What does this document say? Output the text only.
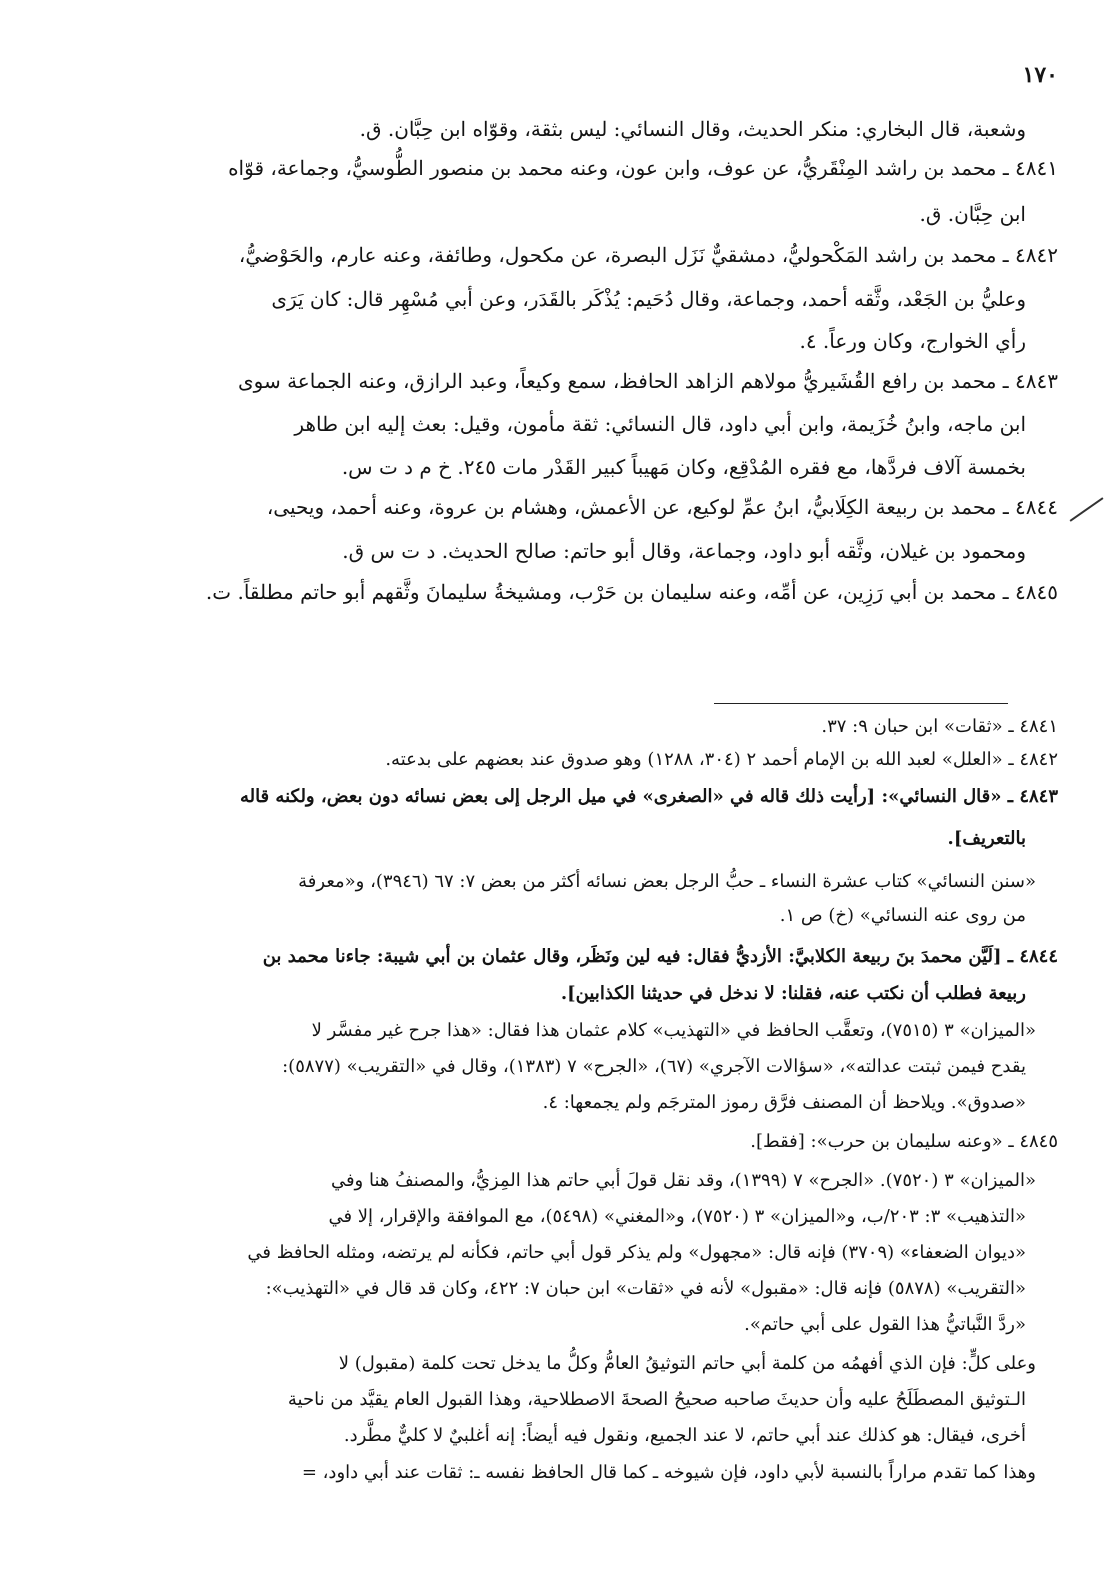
١٧٠
وشعبة، قال البخاري: منكر الحديث، وقال النسائي: ليس بثقة، وقوّاه ابن حِبَّان. ق.
٤٨٤١ ـ محمد بن راشد المِنْقَريُّ، عن عوف، وابن عون، وعنه محمد بن منصور الطُّوسيُّ، وجماعة، قوّاه
ابن حِبَّان. ق.
٤٨٤٢ ـ محمد بن راشد المَكْحوليُّ، دمشقيٌّ نَزَل البصرة، عن مكحول، وطائفة، وعنه عارم، والحَوْضيُّ،
وعليُّ بن الجَعْد، وثَّقه أحمد، وجماعة، وقال دُحَيم: يُذْكَر بالقَدَر، وعن أبي مُسْهِر قال: كان يَرَى
رأي الخوارج، وكان ورعاً. ٤.
٤٨٤٣ ـ محمد بن رافع القُشَيريُّ مولاهم الزاهد الحافظ، سمع وكيعاً، وعبد الرازق، وعنه الجماعة سوى
ابن ماجه، وابنُ خُزَيمة، وابن أبي داود، قال النسائي: ثقة مأمون، وقيل: بعث إليه ابن طاهر
بخمسة آلاف فردَّها، مع فقره المُدْقِع، وكان مَهيباً كبير القَدْر مات ٢٤٥. خ م د ت س.
٤٨٤٤ ـ محمد بن ربيعة الكِلَابيُّ، ابنُ عمِّ لوكيع، عن الأعمش، وهشام بن عروة، وعنه أحمد، ويحيى،
ومحمود بن غيلان، وثَّقه أبو داود، وجماعة، وقال أبو حاتم: صالح الحديث. د ت س ق.
٤٨٤٥ ـ محمد بن أبي رَزِين، عن أمِّه، وعنه سليمان بن حَرْب، ومشيخةُ سليمانَ وثَّقهم أبو حاتم مطلقاً. ت.
٤٨٤١ ـ «ثقات» ابن حبان ٩: ٣٧.
٤٨٤٢ ـ «العلل» لعبد الله بن الإمام أحمد ٢ (٣٠٤، ١٢٨٨) وهو صدوق عند بعضهم على بدعته.
٤٨٤٣ ـ «قال النسائي»: [رأيت ذلك قاله في «الصغرى» في ميل الرجل إلى بعض نسائه دون بعض، ولكنه قاله
بالتعريف].
«سنن النسائي» كتاب عشرة النساء ـ حبُّ الرجل بعض نسائه أكثر من بعض ٧: ٦٧ (٣٩٤٦)، و«معرفة
من روى عنه النسائي» (خ) ص ١.
٤٨٤٤ ـ [لَيَّن محمدَ بنَ ربيعة الكلابيَّ: الأزديُّ فقال: فيه لين ونَظَر، وقال عثمان بن أبي شيبة: جاءنا محمد بن
ربيعة فطلب أن نكتب عنه، فقلنا: لا ندخل في حديثنا الكذابين].
«الميزان» ٣ (٧٥١٥)، وتعقَّب الحافظ في «التهذيب» كلام عثمان هذا فقال: «هذا جرح غير مفسَّر لا
يقدح فيمن ثبتت عدالته»، «سؤالات الآجري» (٦٧)، «الجرح» ٧ (١٣٨٣)، وقال في «التقريب» (٥٨٧٧):
«صدوق». ويلاحظ أن المصنف فرَّق رموز المترجَم ولم يجمعها: ٤.
٤٨٤٥ ـ «وعنه سليمان بن حرب»: [فقط].
«الميزان» ٣ (٧٥٢٠). «الجرح» ٧ (١٣٩٩)، وقد نقل قولَ أبي حاتم هذا المِزيُّ، والمصنفُ هنا وفي
«التذهيب» ٣: ٢٠٣/ب، و«الميزان» ٣ (٧٥٢٠)، و«المغني» (٥٤٩٨)، مع الموافقة والإقرار، إلا في
«ديوان الضعفاء» (٣٧٠٩) فإنه قال: «مجهول» ولم يذكر قول أبي حاتم، فكأنه لم يرتضه، ومثله الحافظ في
«التقريب» (٥٨٧٨) فإنه قال: «مقبول» لأنه في «ثقات» ابن حبان ٧: ٤٢٢، وكان قد قال في «التهذيب»:
«ردَّ النَّباتيُّ هذا القول على أبي حاتم».
وعلى كلٍّ: فإن الذي أفهمُه من كلمة أبي حاتم التوثيقُ العامُّ وكلُّ ما يدخل تحت كلمة (مقبول) لا
الـتوثيق المصطَلَحُ عليه وأن حديثَ صاحبه صحيحُ الصحةَ الاصطلاحية، وهذا القبول العام يقيَّد من ناحية
أخرى، فيقال: هو كذلك عند أبي حاتم، لا عند الجميع، ونقول فيه أيضاً: إنه أغلبيٌ لا كليٌّ مطَّرد.
وهذا كما تقدم مراراً بالنسبة لأبي داود، فإن شيوخه ـ كما قال الحافظ نفسه ـ: ثقات عند أبي داود، =
